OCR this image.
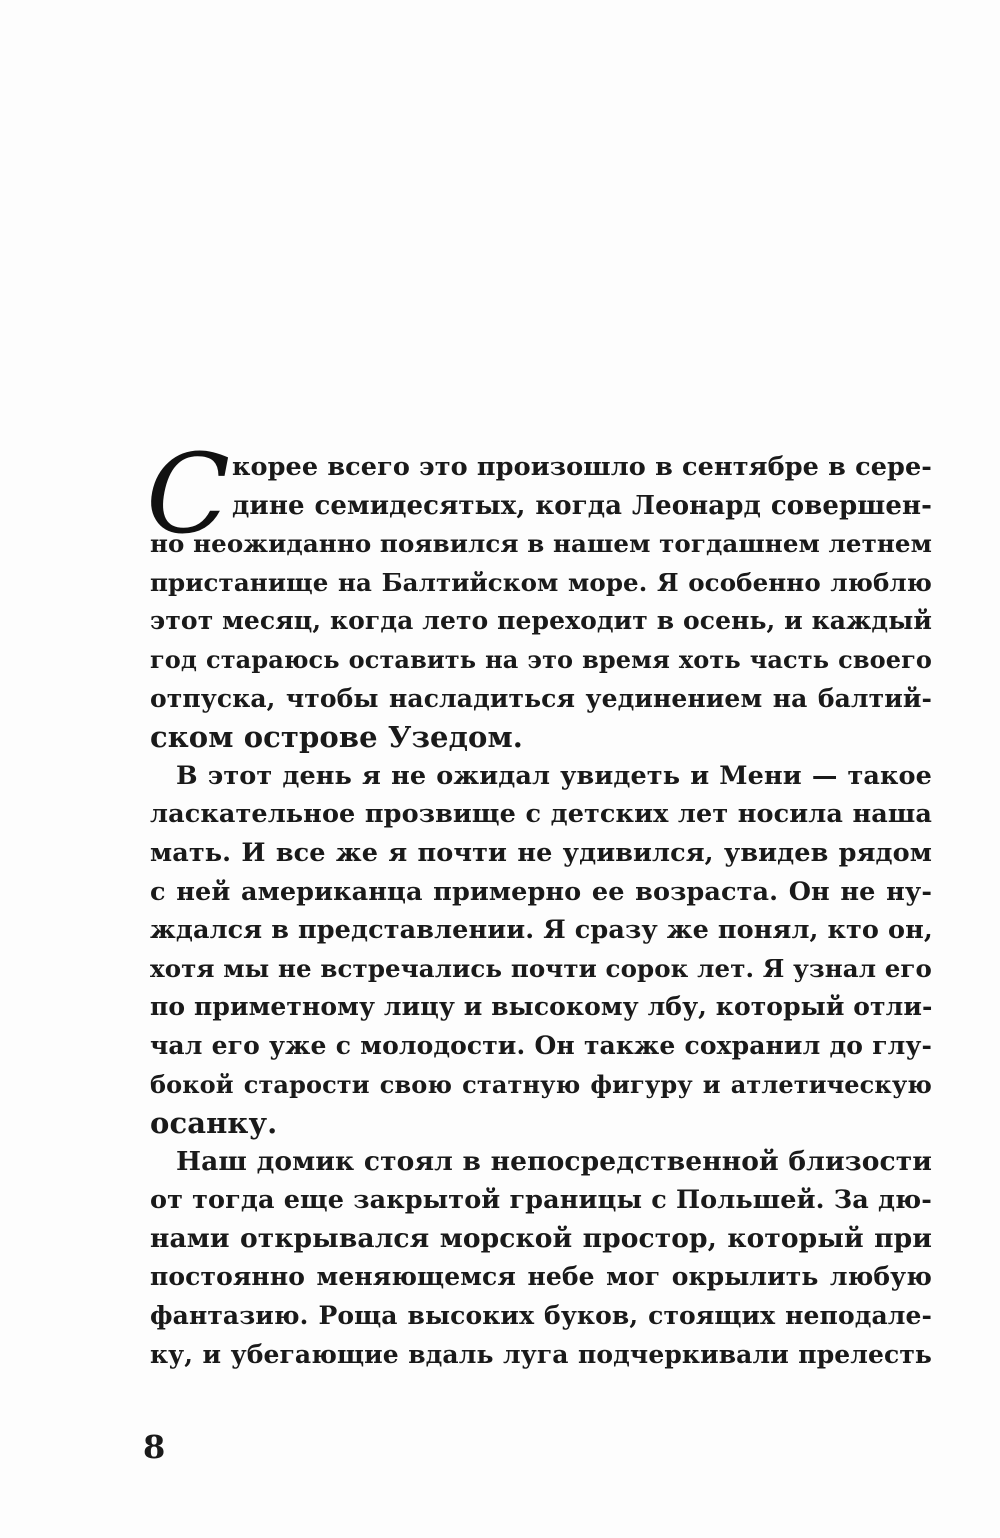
С корее всего это произошло в сентябре в сере-
дине семидесятых, когда Леонард совершен-
но неожиданно появился в нашем тогдашнем летнем
пристанище на Балтийском море. Я особенно люблю
этот месяц, когда лето переходит в осень, и каждый
год стараюсь оставить на это время хоть часть своего
отпуска, чтобы насладиться уединением на балтий-
ском острове Узедом.
В этот день я не ожидал увидеть и Мени — такое
ласкательное прозвище с детских лет носила наша
мать. И все же я почти не удивился, увидев рядом
с ней американца примерно ее возраста. Он не ну-
ждался в представлении. Я сразу же понял, кто он,
хотя мы не встречались почти сорок лет. Я узнал его
по приметному лицу и высокому лбу, который отли-
чал его уже с молодости. Он также сохранил до глу-
бокой старости свою статную фигуру и атлетическую
осанку.
Наш домик стоял в непосредственной близости
от тогда еще закрытой границы с Польшей. За дю-
нами открывался морской простор, который при
постоянно меняющемся небе мог окрылить любую
фантазию. Роща высоких буков, стоящих неподале-
ку, и убегающие вдаль луга подчеркивали прелесть
8
